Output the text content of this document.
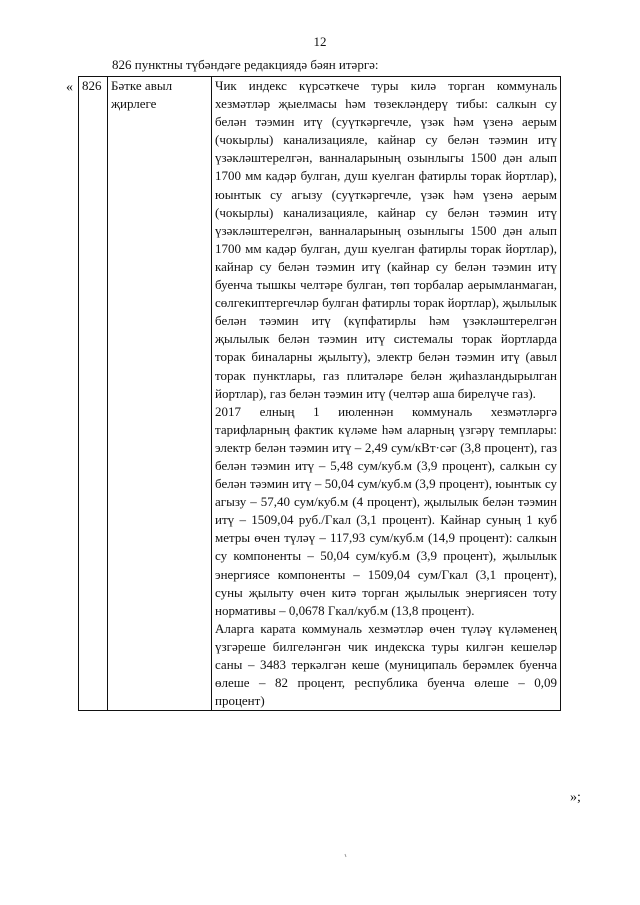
12
826 пунктны түбәндәге редакциядә бәян итәргә:
« 826	Бәтке авыл җирлеге	
Чик индекс күрсәткече туры килә торган коммуналь хезмәтләр җыелмасы һәм төзекләндерү тибы: салкын су белән тәэмин итү (суүткәргечле, үзәк һәм үзенә аерым (чокырлы) канализацияле, кайнар су белән тәэмин итү үзәкләштерелгән, ванналарының озынлыгы 1500 дән алып 1700 мм кадәр булган, душ куелган фатирлы торак йортлар), юынтык су агызу (суүткәргечле, үзәк һәм үзенә аерым (чокырлы) канализацияле, кайнар су белән тәэмин итү үзәкләштерелгән, ванналарының озынлыгы 1500 дән алып 1700 мм кадәр булган, душ куелган фатирлы торак йортлар), кайнар су белән тәэмин итү (кайнар су белән тәэмин итү буенча тышкы челтәре булган, төп торбалар аерымланмаган, сөлгекиптергечләр булган фатирлы торак йортлар), җылылык белән тәэмин итү (күпфатирлы һәм үзәкләштерелгән җылылык белән тәэмин итү системалы торак йортларда торак биналарны җылыту), электр белән тәэмин итү (авыл торак пунктлары, газ плитәләре белән җиһазландырылган йортлар), газ белән тәэмин итү (челтәр аша бирелүче газ).
2017 елның 1 июленнән коммуналь хезмәтләргә тарифларның фактик күләме һәм аларның үзгәрү темплары: электр белән тәэмин итү – 2,49 сум/кВт·сәг (3,8 процент), газ белән тәэмин итү – 5,48 сум/куб.м (3,9 процент), салкын су белән тәэмин итү – 50,04 сум/куб.м (3,9 процент), юынтык су агызу – 57,40 сум/куб.м (4 процент), җылылык белән тәэмин итү – 1509,04 руб./Гкал (3,1 процент). Кайнар суның 1 куб метры өчен түләү – 117,93 сум/куб.м (14,9 процент): салкын су компоненты – 50,04 сум/куб.м (3,9 процент), җылылык энергиясе компоненты – 1509,04 сум/Гкал (3,1 процент), суны җылыту өчен китә торган җылылык энергиясен тоту нормативы – 0,0678 Гкал/куб.м (13,8 процент).
Аларга карата коммуналь хезмәтләр өчен түләү күләменең үзгәреше билгеләнгән чик индекска туры килгән кешеләр саны – 3483 теркәлгән кеше (муниципаль берәмлек буенча өлеше – 82 процент, республика буенча өлеше – 0,09 процент)
»;
